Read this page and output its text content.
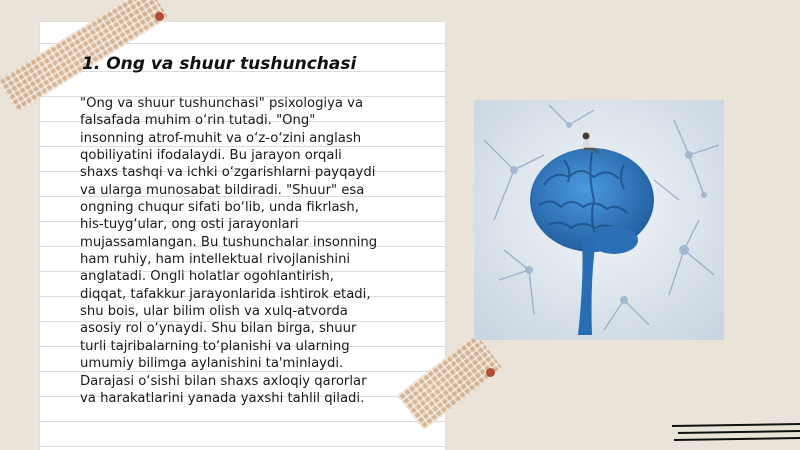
1. Ong va shuur tushunchasi
"Ong va shuur tushunchasi" psixologiya va
falsafada muhim o‘rin tutadi. "Ong"
insonning atrof-muhit va o‘z-o‘zini anglash
qobiliyatini ifodalaydi. Bu jarayon orqali
shaxs tashqi va ichki o‘zgarishlarni payqaydi
va ularga munosabat bildiradi. "Shuur" esa
ongning chuqur sifati bo‘lib, unda fikrlash,
his-tuyg‘ular, ong osti jarayonlari
mujassamlangan. Bu tushunchalar insonning
ham ruhiy, ham intellektual rivojlanishini
anglatadi. Ongli holatlar ogohlantirish,
diqqat, tafakkur jarayonlarida ishtirok etadi,
shu bois, ular bilim olish va xulq-atvorda
asosiy rol o‘ynaydi. Shu bilan birga, shuur
turli tajribalarning to‘planishi va ularning
umumiy bilimga aylanishini ta'minlaydi.
Darajasi o‘sishi bilan shaxs axloqiy qarorlar
va harakatlarini yanada yaxshi tahlil qiladi.
